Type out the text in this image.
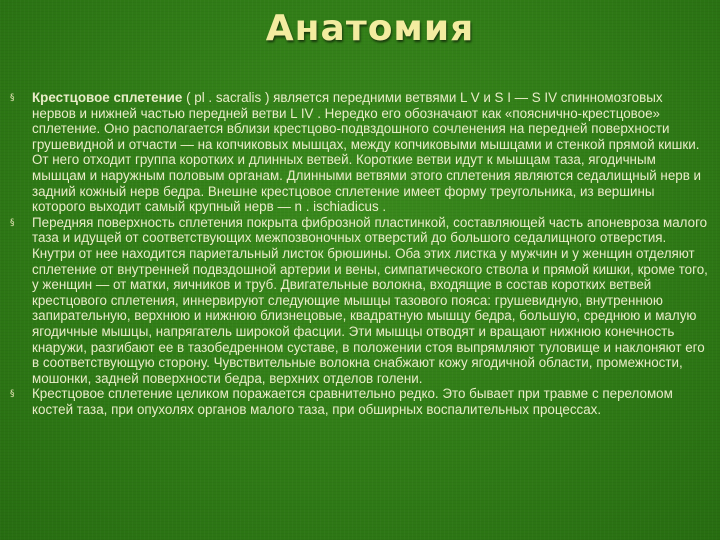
Анатомия
§ Крестцовое сплетение ( pl . sacralis ) является передними ветвями L V и S I — S IV спинномозговых нервов и нижней частью передней ветви L IV . Нередко его обозначают как «пояснично-крестцовое» сплетение. Оно располагается вблизи крестцово-подвздошного сочленения на передней поверхности грушевидной и отчасти — на копчиковых мышцах, между копчиковыми мышцами и стенкой прямой кишки. От него отходит группа коротких и длинных ветвей. Короткие ветви идут к мышцам таза, ягодичным мышцам и наружным половым органам. Длинными ветвями этого сплетения являются седалищный нерв и задний кожный нерв бедра. Внешне крестцовое сплетение имеет форму треугольника, из вершины которого выходит самый крупный нерв — n . ischiadicus .
§ Передняя поверхность сплетения покрыта фиброзной пластинкой, составляющей часть апоневроза малого таза и идущей от соответствующих межпозвоночных отверстий до большого седалищного отверстия. Кнутри от нее находится париетальный листок брюшины. Оба этих листка у мужчин и у женщин отделяют сплетение от внутренней подвздошной артерии и вены, симпатического ствола и прямой кишки, кроме того, у женщин — от матки, яичников и труб. Двигательные волокна, входящие в состав коротких ветвей крестцового сплетения, иннервируют следующие мышцы тазового пояса: грушевидную, внутреннюю запирательную, верхнюю и нижнюю близнецовые, квадратную мышцу бедра, большую, среднюю и малую ягодичные мышцы, напрягатель широкой фасции. Эти мышцы отводят и вращают нижнюю конечность кнаружи, разгибают ее в тазобедренном суставе, в положении стоя выпрямляют туловище и наклоняют его в соответствующую сторону. Чувствительные волокна снабжают кожу ягодичной области, промежности, мошонки, задней поверхности бедра, верхних отделов голени.
§ Крестцовое сплетение целиком поражается сравнительно редко. Это бывает при травме с переломом костей таза, при опухолях органов малого таза, при обширных воспалительных процессах.
